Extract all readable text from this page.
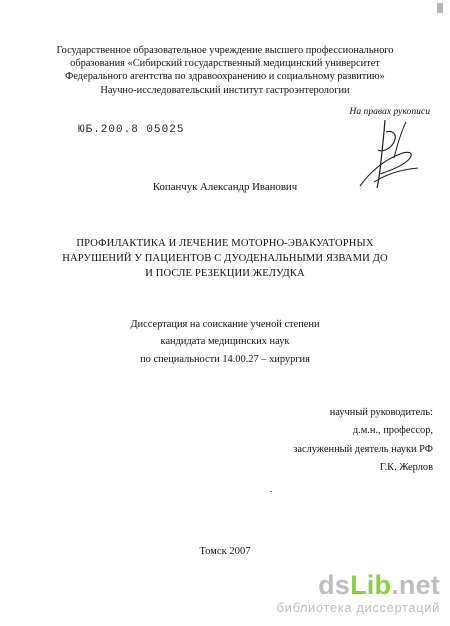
Государственное образовательное учреждение высшего профессионального
образования «Сибирский государственный медицинский университет
Федерального агентства по здравоохранению и социальному развитию»
Научно-исследовательский институт гастроэнтерологии
На правах рукописи
ЮБ.200.8 05025
Копанчук Александр Иванович
ПРОФИЛАКТИКА И ЛЕЧЕНИЕ МОТОРНО-ЭВАКУАТОРНЫХ
НАРУШЕНИЙ У ПАЦИЕНТОВ С ДУОДЕНАЛЬНЫМИ ЯЗВАМИ ДО
И ПОСЛЕ РЕЗЕКЦИИ ЖЕЛУДКА
Диссертация на соискание ученой степени
кандидата медицинских наук
по специальности 14.00.27 – хирургия
научный руководитель:
д.м.н., профессор,
заслуженный деятель науки РФ
Г.К. Жерлов
Томск 2007
dsLib.net
библиотека диссертаций
